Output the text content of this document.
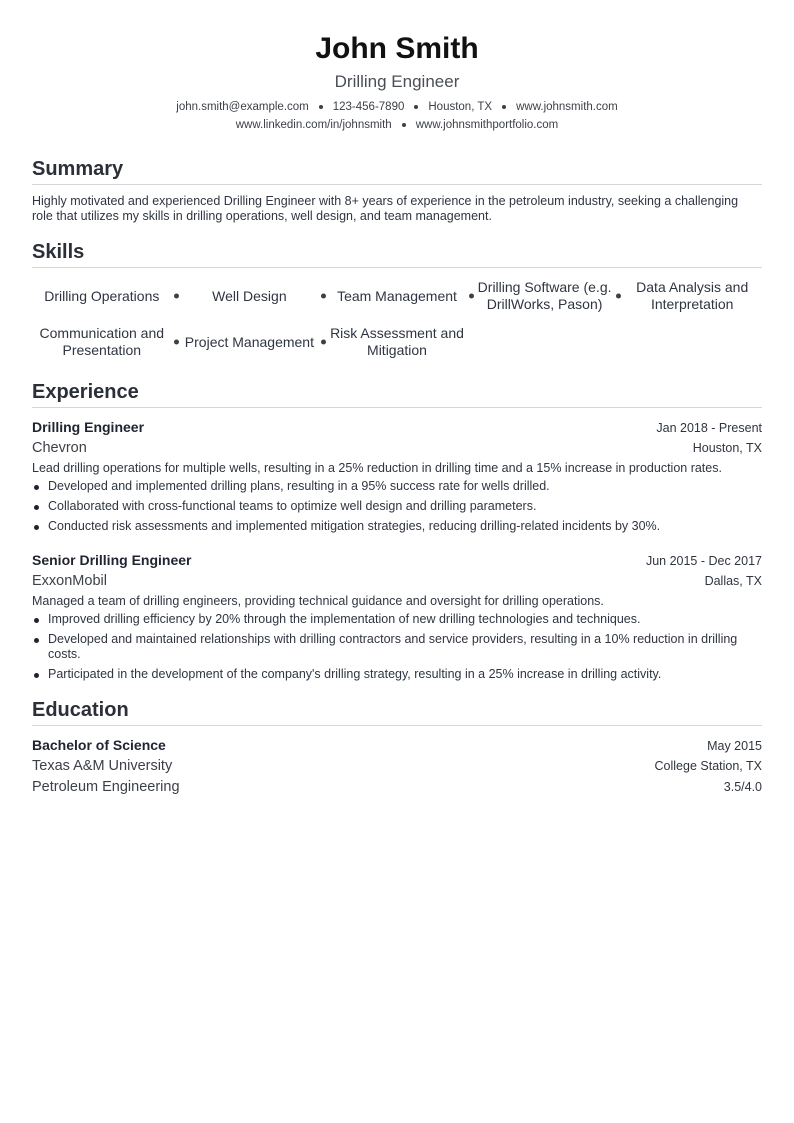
John Smith
Drilling Engineer
john.smith@example.com 123-456-7890 Houston, TX www.johnsmith.com
www.linkedin.com/in/johnsmith www.johnsmithportfolio.com
Summary
Highly motivated and experienced Drilling Engineer with 8+ years of experience in the petroleum industry, seeking a challenging role that utilizes my skills in drilling operations, well design, and team management.
Skills
Drilling Operations	Well Design	Team Management
Drilling Software (e.g. DrillWorks, Pason)
Data Analysis and Interpretation
Communication and Presentation
Project Management
Risk Assessment and Mitigation
Experience
Drilling Engineer	Jan 2018 - Present
Chevron	Houston, TX
Lead drilling operations for multiple wells, resulting in a 25% reduction in drilling time and a 15% increase in production rates.
Developed and implemented drilling plans, resulting in a 95% success rate for wells drilled.
Collaborated with cross-functional teams to optimize well design and drilling parameters.
Conducted risk assessments and implemented mitigation strategies, reducing drilling-related incidents by 30%.
Senior Drilling Engineer	Jun 2015 - Dec 2017
ExxonMobil	Dallas, TX
Managed a team of drilling engineers, providing technical guidance and oversight for drilling operations.
Improved drilling efficiency by 20% through the implementation of new drilling technologies and techniques.
Developed and maintained relationships with drilling contractors and service providers, resulting in a 10% reduction in drilling costs.
Participated in the development of the company's drilling strategy, resulting in a 25% increase in drilling activity.
Education
Bachelor of Science	May 2015
Texas A&M University	College Station, TX
Petroleum Engineering	3.5/4.0
